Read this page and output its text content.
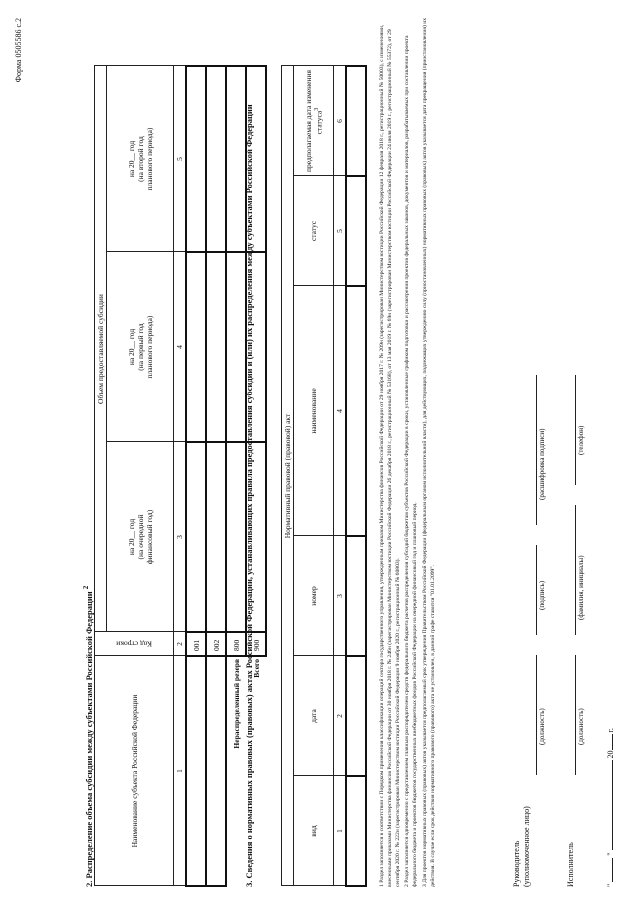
Форма 0505586 с.2
2. Распределение объема субсидии между субъектами Российской Федерации $^2$
Наименование субъекта Российской Федерации	Код строки	Объем предоставляемой субсидии		
		на 20__ год
(на очередной
финансовый год)	на 20__ год
(на первый год
планового периода)	на 20__ год
(на второй год
планового периода)
1	2	3	4	5
	001			
	002			
Нераспределенный резерв	800			
Всего	900			
3. Сведения о нормативных правовых (правовых) актах Российской Федерации, устанавливающих правила предоставления субсидии и (или) их распределения между субъектами Российской Федерации	Нормативный правовой (правовой) акт					
вид	дата	номер	наименование	статус	предполагаемая дата изменения статуса$^3$
1	2	3	4	5	6
						1 Раздел заполняется в соответствии с Порядком применения классификации операций сектора государственного управления, утвержденным приказом Министерства финансов Российской Федерации от 29 ноября 2017 г. № 209н (зарегистрирован Министерством юстиции Российской Федерации 12 февраля 2018 г., регистрационный № 50003), с изменениями, внесенными приказами Министерства финансов Российской Федерации от 30 ноября 2018 г. № 246н (зарегистрирован Министерством юстиции Российской Федерации 26 декабря 2018 г., регистрационный № 53168), от 13 мая 2019 г. № 69н (зарегистрирован Министерством юстиции Российской Федерации 24 июля 2019 г., регистрационный № 55372), от 29 сентября 2020 г. № 222н (зарегистрирован Министерством юстиции Российской Федерации 9 ноября 2020 г., регистрационный № 60803). 2 Раздел заполняется одновременно с представлением главным распорядителем средств федерального бюджета расчетов распределения субсидий бюджетам субъектов Российской Федерации в сроки, установленные графиком подготовки и рассмотрения проектов федеральных законов, документов и материалов, разрабатываемых при составлении проекта федерального бюджета и проектов бюджетов государственных внебюджетных фондов Российской Федерации на очередной финансовый год и плановый период. 3 Для проектов нормативных правовых (правовых) актов указывается предполагаемый срок утверждения Правительством Российской Федерации (федеральным органом исполнительной власти), для действующих, подлежащих утверждению силу (приостановленных) нормативных правовых (правовых) актов указывается дата прекращения (приостановления) их действия. В случае если срок действия нормативного правового (правового) акта не установлен, в данной графе ставится "01.01.2099".	Руководитель
(уполномоченное лицо)
(должность)
(подпись)
(расшифровка подписи)
Исполнитель
(должность)
(фамилия, инициалы)
(телефон)
"  "  20 г.
